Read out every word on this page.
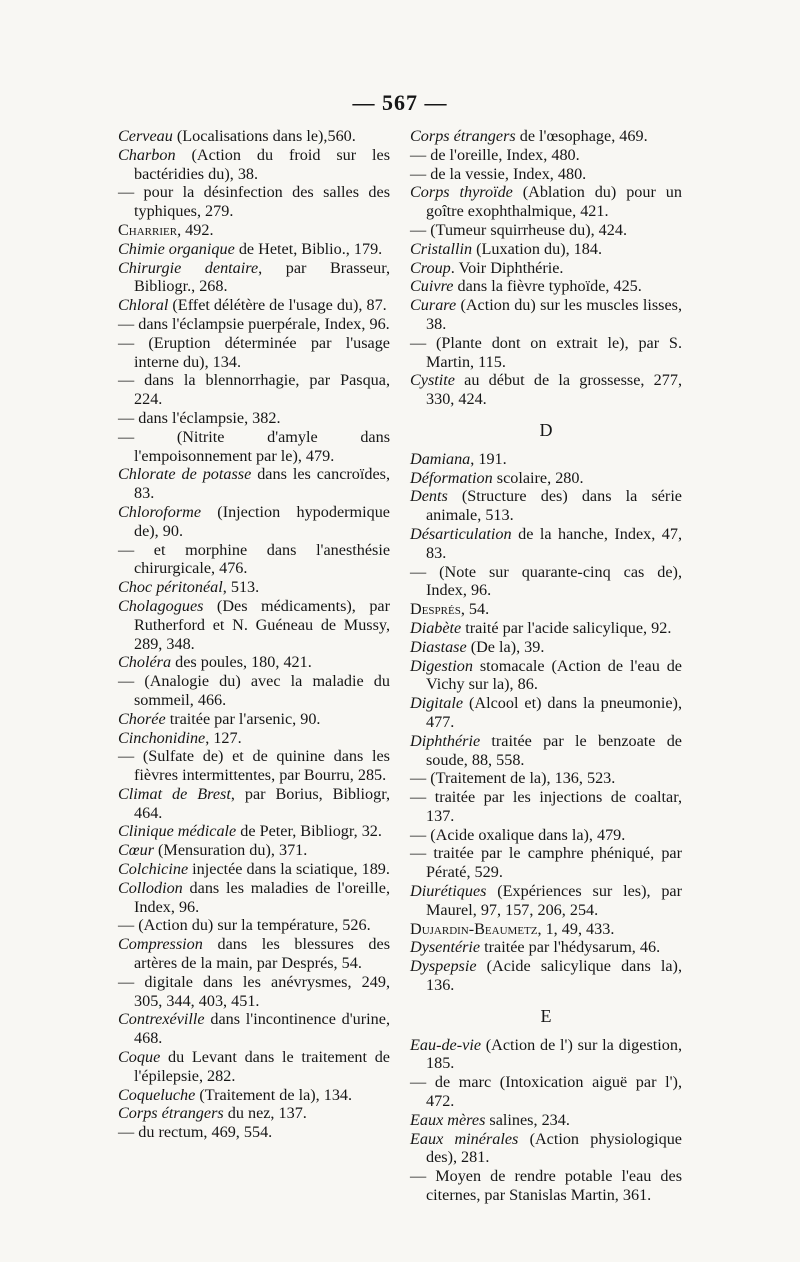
— 567 —

Cerveau (Localisations dans le),560.

Charbon (Action du froid sur les bactéridies du), 38.

— pour la désinfection des salles des typhiques, 279.

Charrier, 492.

Chimie organique de Hetet, Biblio., 179.

Chirurgie dentaire, par Brasseur, Bibliogr., 268.

Chloral (Effet délétère de l'usage du), 87.

— dans l'éclampsie puerpérale, Index, 96.

— (Eruption déterminée par l'usage interne du), 134.

— dans la blennorrhagie, par Pasqua, 224.

— dans l'éclampsie, 382.

— (Nitrite d'amyle dans l'empoisonnement par le), 479.

Chlorate de potasse dans les cancroïdes, 83.

Chloroforme (Injection hypodermique de), 90.

— et morphine dans l'anesthésie chirurgicale, 476.

Choc péritonéal, 513.

Cholagogues (Des médicaments), par Rutherford et N. Guéneau de Mussy, 289, 348.

Choléra des poules, 180, 421.

— (Analogie du) avec la maladie du sommeil, 466.

Chorée traitée par l'arsenic, 90.

Cinchonidine, 127.

— (Sulfate de) et de quinine dans les fièvres intermittentes, par Bourru, 285.

Climat de Brest, par Borius, Bibliogr, 464.

Clinique médicale de Peter, Bibliogr, 32.

Cœur (Mensuration du), 371.

Colchicine injectée dans la sciatique, 189.

Collodion dans les maladies de l'oreille, Index, 96.

— (Action du) sur la température, 526.

Compression dans les blessures des artères de la main, par Després, 54.

— digitale dans les anévrysmes, 249, 305, 344, 403, 451.

Contrexéville dans l'incontinence d'urine, 468.

Coque du Levant dans le traitement de l'épilepsie, 282.

Coqueluche (Traitement de la), 134.

Corps étrangers du nez, 137.

— du rectum, 469, 554.

Corps étrangers de l'œsophage, 469.

— de l'oreille, Index, 480.

— de la vessie, Index, 480.

Corps thyroïde (Ablation du) pour un goître exophthalmique, 421.

— (Tumeur squirrheuse du), 424.

Cristallin (Luxation du), 184.

Croup. Voir Diphthérie.

Cuivre dans la fièvre typhoïde, 425.

Curare (Action du) sur les muscles lisses, 38.

— (Plante dont on extrait le), par S. Martin, 115.

Cystite au début de la grossesse, 277, 330, 424.

D

Damiana, 191.

Déformation scolaire, 280.

Dents (Structure des) dans la série animale, 513.

Désarticulation de la hanche, Index, 47, 83.

— (Note sur quarante-cinq cas de), Index, 96.

Després, 54.

Diabète traité par l'acide salicylique, 92.

Diastase (De la), 39.

Digestion stomacale (Action de l'eau de Vichy sur la), 86.

Digitale (Alcool et) dans la pneumonie), 477.

Diphthérie traitée par le benzoate de soude, 88, 558.

— (Traitement de la), 136, 523.

— traitée par les injections de coaltar, 137.

— (Acide oxalique dans la), 479.

— traitée par le camphre phéniqué, par Pératé, 529.

Diurétiques (Expériences sur les), par Maurel, 97, 157, 206, 254.

Dujardin-Beaumetz, 1, 49, 433.

Dysentérie traitée par l'hédysarum, 46.

Dyspepsie (Acide salicylique dans la), 136.

E

Eau-de-vie (Action de l') sur la digestion, 185.

— de marc (Intoxication aiguë par l'), 472.

Eaux mères salines, 234.

Eaux minérales (Action physiologique des), 281.

— Moyen de rendre potable l'eau des citernes, par Stanislas Martin, 361.
